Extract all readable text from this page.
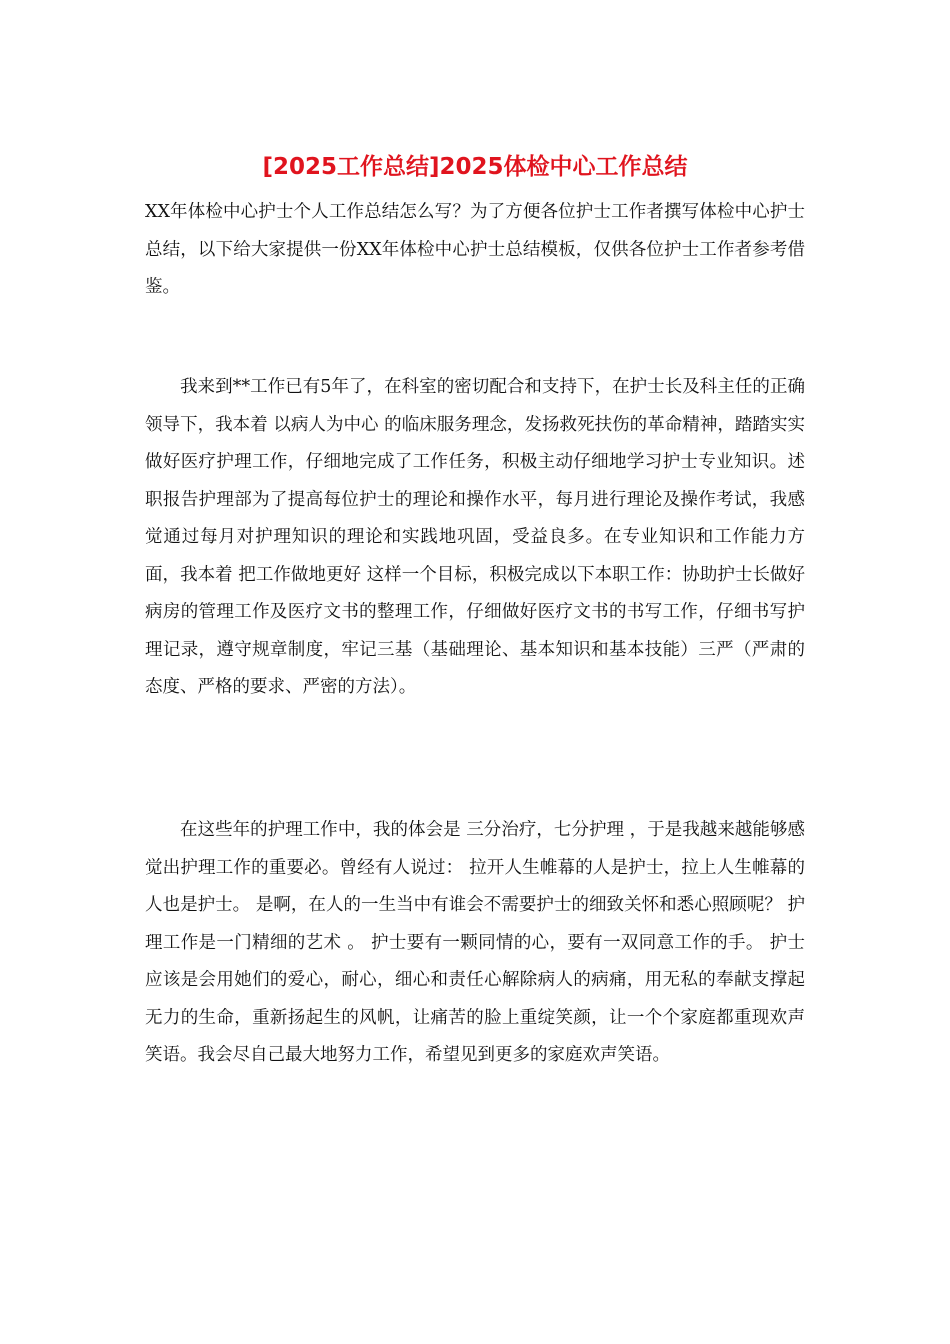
[2025工作总结]2025体检中心工作总结

XX年体检中心护士个人工作总结怎么写？为了方便各位护士工作者撰写体检中心护士总结，以下给大家提供一份XX年体检中心护士总结模板，仅供各位护士工作者参考借鉴。

我来到**工作已有5年了，在科室的密切配合和支持下，在护士长及科主任的正确领导下，我本着 以病人为中心 的临床服务理念，发扬救死扶伤的革命精神，踏踏实实做好医疗护理工作，仔细地完成了工作任务，积极主动仔细地学习护士专业知识。述职报告护理部为了提高每位护士的理论和操作水平，每月进行理论及操作考试，我感觉通过每月对护理知识的理论和实践地巩固，受益良多。在专业知识和工作能力方面，我本着 把工作做地更好 这样一个目标，积极完成以下本职工作：协助护士长做好病房的管理工作及医疗文书的整理工作，仔细做好医疗文书的书写工作，仔细书写护理记录，遵守规章制度，牢记三基（基础理论、基本知识和基本技能）三严（严肃的态度、严格的要求、严密的方法）。

在这些年的护理工作中，我的体会是 三分治疗，七分护理 ，于是我越来越能够感觉出护理工作的重要必。曾经有人说过： 拉开人生帷幕的人是护士，拉上人生帷幕的人也是护士。 是啊，在人的一生当中有谁会不需要护士的细致关怀和悉心照顾呢？ 护理工作是一门精细的艺术 。 护士要有一颗同情的心，要有一双同意工作的手。 护士应该是会用她们的爱心，耐心，细心和责任心解除病人的病痛，用无私的奉献支撑起无力的生命，重新扬起生的风帆，让痛苦的脸上重绽笑颜，让一个个家庭都重现欢声笑语。我会尽自己最大地努力工作，希望见到更多的家庭欢声笑语。
